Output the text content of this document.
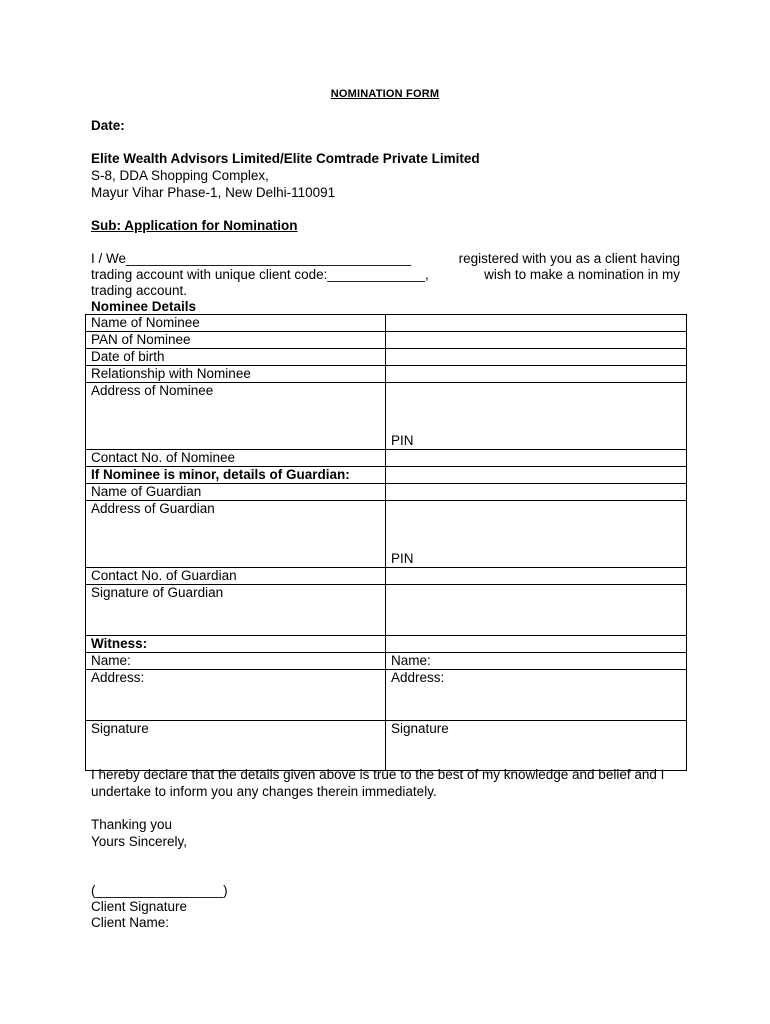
NOMINATION FORM
Date:
Elite Wealth Advisors Limited/Elite Comtrade Private Limited
S-8, DDA Shopping Complex,
Mayur Vihar Phase-1, New Delhi-110091
Sub: Application for Nomination
I / We______________________________________	registered with you as a client having
trading account with unique client code:_____________,	wish to make a nomination in my
trading account.
Nominee Details
Name of Nominee	
PAN of Nominee	
Date of birth	
Relationship with Nominee	
Address of Nominee	PIN

Contact No. of Nominee	
If Nominee is minor, details of Guardian:	
Name of Guardian	
Address of Guardian	PIN

Contact No. of Guardian	
Signature of Guardian	
Witness:	
Name:	Name:
Address:	Address:
Signature	Signature
I hereby declare that the details given above is true to the best of my knowledge and belief and I undertake to inform you any changes therein immediately.
Thanking you
Yours Sincerely,
(_________________)
Client Signature
Client Name:
